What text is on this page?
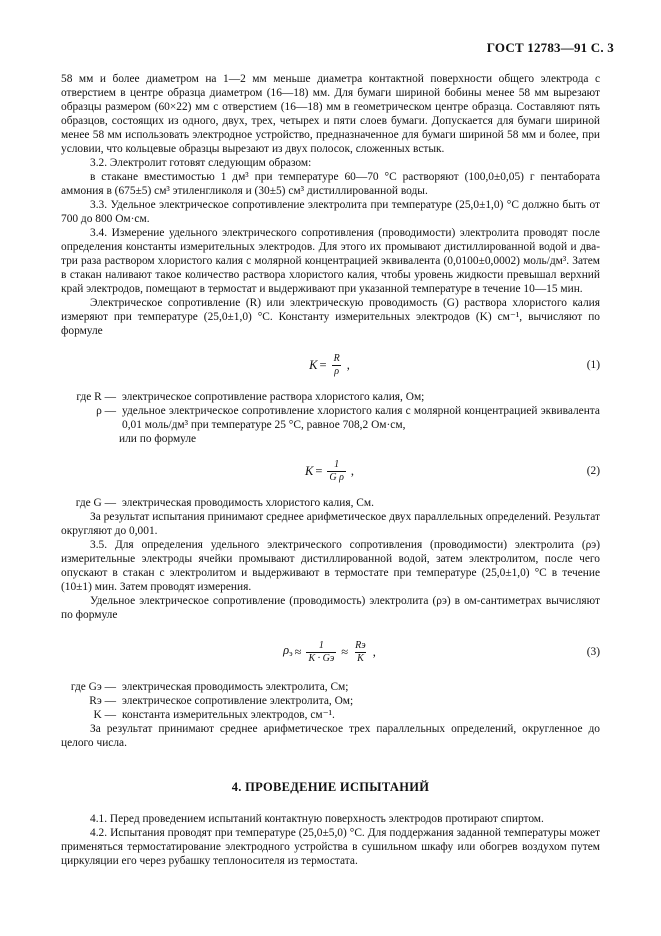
ГОСТ 12783—91 С. 3

58 мм и более диаметром на 1—2 мм меньше диаметра контактной поверхности общего электрода с отверстием в центре образца диаметром (16—18) мм. Для бумаги шириной бобины менее 58 мм вырезают образцы размером (60×22) мм с отверстием (16—18) мм в геометрическом центре образца. Составляют пять образцов, состоящих из одного, двух, трех, четырех и пяти слоев бумаги. Допускается для бумаги шириной менее 58 мм использовать электродное устройство, предназначенное для бумаги шириной 58 мм и более, при условии, что кольцевые образцы вырезают из двух полосок, сложенных встык.

3.2. Электролит готовят следующим образом:

в стакане вместимостью 1 дм³ при температуре 60—70 °С растворяют (100,0±0,05) г пентабората аммония в (675±5) см³ этиленгликоля и (30±5) см³ дистиллированной воды.

3.3. Удельное электрическое сопротивление электролита при температуре (25,0±1,0) °С должно быть от 700 до 800 Ом·см.

3.4. Измерение удельного электрического сопротивления (проводимости) электролита проводят после определения константы измерительных электродов. Для этого их промывают дистиллированной водой и два-три раза раствором хлористого калия с молярной концентрацией эквивалента (0,0100±0,0002) моль/дм³. Затем в стакан наливают такое количество раствора хлористого калия, чтобы уровень жидкости превышал верхний край электродов, помещают в термостат и выдерживают при указанной температуре в течение 10—15 мин.

Электрическое сопротивление (R) или электрическую проводимость (G) раствора хлористого калия измеряют при температуре (25,0±1,0) °С. Константу измерительных электродов (K) см⁻¹, вычисляют по формуле

$K = \frac{R}{\rho}$ ,	(1)
где R — электрическое сопротивление раствора хлористого калия, Ом;
ρ — удельное электрическое сопротивление хлористого калия с молярной концентрацией эквивалента 0,01 моль/дм³ при температуре 25 °С, равное 708,2 Ом·см,

или по формуле

$K = \frac{1}{\text{G ρ}}$ ,	(2)
где G — электрическая проводимость хлористого калия, См.

За результат испытания принимают среднее арифметическое двух параллельных определений. Результат округляют до 0,001.

3.5. Для определения удельного электрического сопротивления (проводимости) электролита (ρэ) измерительные электроды ячейки промывают дистиллированной водой, затем электролитом, после чего опускают в стакан с электролитом и выдерживают в термостате при температуре (25,0±1,0) °С в течение (10±1) мин. Затем проводят измерения.

Удельное электрическое сопротивление (проводимость) электролита (ρэ) в ом-сантиметрах вычисляют по формуле

$\rho_э \approx \frac{1}{K \cdot Gэ} \approx \frac{Rэ}{K}$ ,	(3)
где Gэ — электрическая проводимость электролита, См;
Rэ — электрическое сопротивление электролита, Ом;
K — константа измерительных электродов, см⁻¹.

За результат принимают среднее арифметическое трех параллельных определений, округленное до целого числа.

4. ПРОВЕДЕНИЕ ИСПЫТАНИЙ

4.1. Перед проведением испытаний контактную поверхность электродов протирают спиртом.

4.2. Испытания проводят при температуре (25,0±5,0) °С. Для поддержания заданной температуры может применяться термостатирование электродного устройства в сушильном шкафу или обогрев воздухом путем циркуляции его через рубашку теплоносителя из термостата.
